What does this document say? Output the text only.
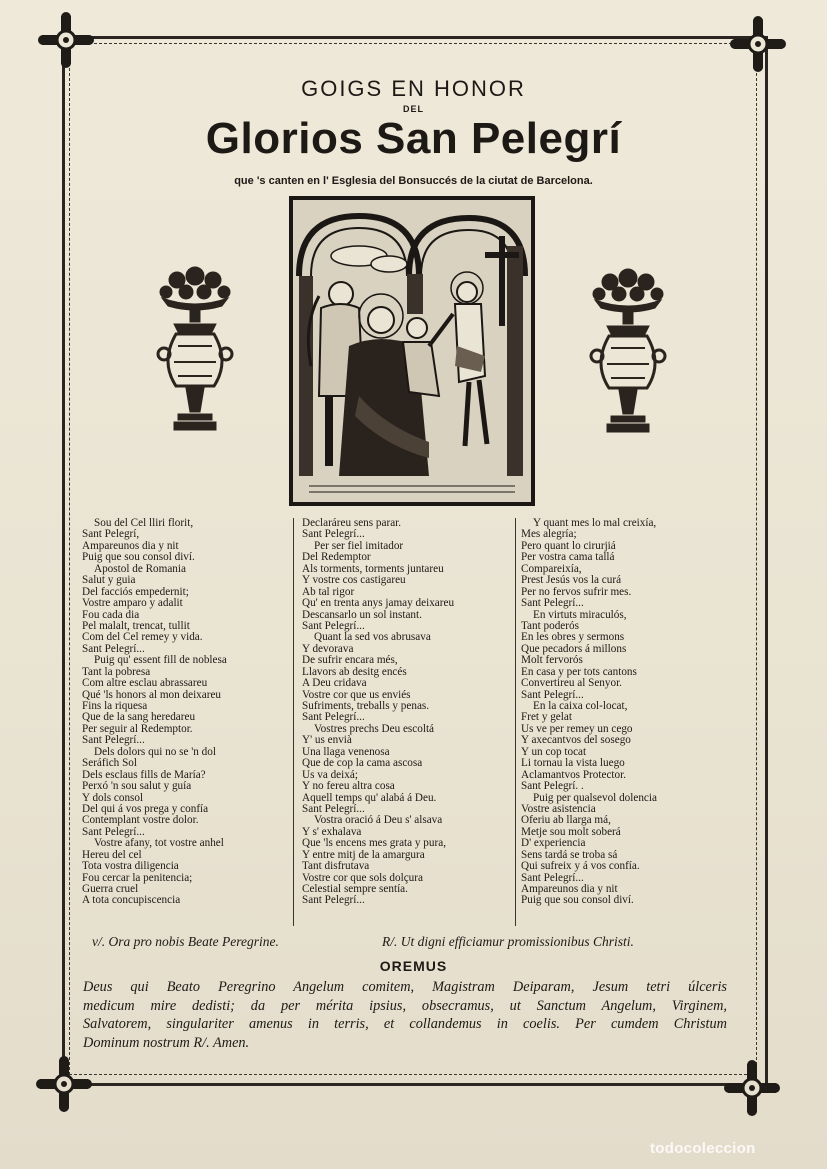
GOIGS EN HONOR
DEL
Glorios San Pelegrí
que 's canten en l' Esglesia del Bonsuccés de la ciutat de Barcelona.
Sou del Cel lliri florit,
Sant Pelegrí,
Ampareunos dia y nit
Puig que sou consol diví.
Apostol de Romania
Salut y guia
Del facciós empedernit;
Vostre amparo y adalit
Fou cada dia
Pel malalt, trencat, tullit
Com del Cel remey y vida.
Sant Pelegrí...
Puig qu' essent fill de noblesa
Tant la pobresa
Com altre esclau abrassareu
Qué 'ls honors al mon deixareu
Fins la riquesa
Que de la sang heredareu
Per seguir al Redemptor.
Sant Pelegrí...
Dels dolors qui no se 'n dol
Seráfich Sol
Dels esclaus fills de María?
Perxó 'n sou salut y guía
Y dols consol
Del qui á vos prega y confía
Contemplant vostre dolor.
Sant Pelegrí...
Vostre afany, tot vostre anhel
Hereu del cel
Tota vostra diligencia
Fou cercar la penitencia;
Guerra cruel
A tota concupiscencia
Declaráreu sens parar.
Sant Pelegrí...
Per ser fiel imitador
Del Redemptor
Als torments, torments juntareu
Y vostre cos castigareu
Ab tal rigor
Qu' en trenta anys jamay deixareu
Descansarlo un sol instant.
Sant Pelegrí...
Quant la sed vos abrusava
Y devorava
De sufrir encara més,
Llavors ab desitg encés
A Deu cridava
Vostre cor que us enviés
Sufriments, treballs y penas.
Sant Pelegrí...
Vostres prechs Deu escoltá
Y' us envià
Una llaga venenosa
Que de cop la cama ascosa
Us va deixá;
Y no fereu altra cosa
Aquell temps qu' alabá á Deu.
Sant Pelegrí...
Vostra oració á Deu s' alsava
Y s' exhalava
Que 'ls encens mes grata y pura,
Y entre mitj de la amargura
Tant disfrutava
Vostre cor que sols dolçura
Celestial sempre sentía.
Sant Pelegrí...
Y quant mes lo mal creixía,
Mes alegría;
Pero quant lo cirurjiá
Per vostra cama tallá
Compareixía,
Prest Jesús vos la curá
Per no fervos sufrir mes.
Sant Pelegrí...
En virtuts miraculós,
Tant poderós
En les obres y sermons
Que pecadors á millons
Molt fervorós
En casa y per tots cantons
Convertireu al Senyor.
Sant Pelegrí...
En la caixa col-locat,
Fret y gelat
Us ve per remey un cego
Y axecantvos del sosego
Y un cop tocat
Li tornau la vista luego
Aclamantvos Protector.
Sant Pelegrí. .
Puig per qualsevol dolencia
Vostre asistencia
Oferiu ab llarga má,
Metje sou molt soberá
D' experiencia
Sens tardá se troba sá
Qui sufreix y á vos confía.
Sant Pelegrí...
Ampareunos dia y nit
Puig que sou consol diví.
v/. Ora pro nobis Beate Peregrine.	R/. Ut digni efficiamur promissionibus Christi.
OREMUS
Deus qui Beato Peregrino Angelum comitem, Magistram Deiparam, Jesum tetri úlceris
medicum mire dedisti; da per mérita ipsius, obsecramus, ut Sanctum Angelum, Virginem,
Salvatorem, singulariter amenus in terris, et collandemus in coelis. Per cumdem Christum
Dominum nostrum R/. Amen.
todocoleccion
